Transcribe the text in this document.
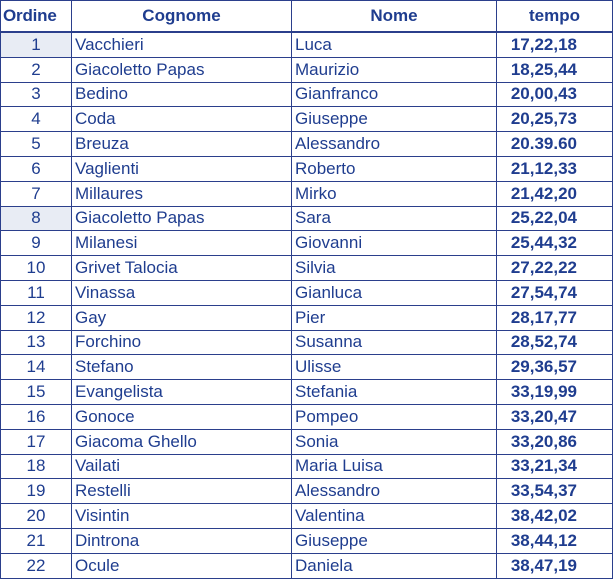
Ordine	Cognome	Nome	tempo
1	Vacchieri	Luca	17,22,18
2	Giacoletto Papas	Maurizio	18,25,44
3	Bedino	Gianfranco	20,00,43
4	Coda	Giuseppe	20,25,73
5	Breuza	Alessandro	20.39.60
6	Vaglienti	Roberto	21,12,33
7	Millaures	Mirko	21,42,20
8	Giacoletto Papas	Sara	25,22,04
9	Milanesi	Giovanni	25,44,32
10	Grivet Talocia	Silvia	27,22,22
11	Vinassa	Gianluca	27,54,74
12	Gay	Pier	28,17,77
13	Forchino	Susanna	28,52,74
14	Stefano	Ulisse	29,36,57
15	Evangelista	Stefania	33,19,99
16	Gonoce	Pompeo	33,20,47
17	Giacoma Ghello	Sonia	33,20,86
18	Vailati	Maria Luisa	33,21,34
19	Restelli	Alessandro	33,54,37
20	Visintin	Valentina	38,42,02
21	Dintrona	Giuseppe	38,44,12
22	Ocule	Daniela	38,47,19
